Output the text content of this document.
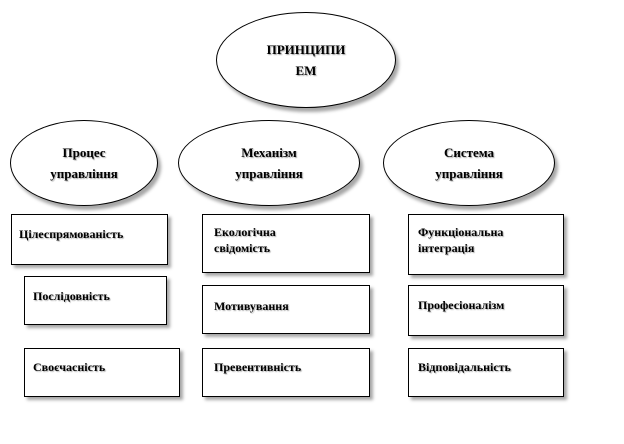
ПРИНЦИПИ
ЕМ
Процес
управління
Механізм
управління
Система
управління
Цілеспрямованість
Послідовність
Своєчасність
Екологічна
свідомість
Мотивування
Превентивність
Функціональна
інтеграція
Професіоналізм
Відповідальність
